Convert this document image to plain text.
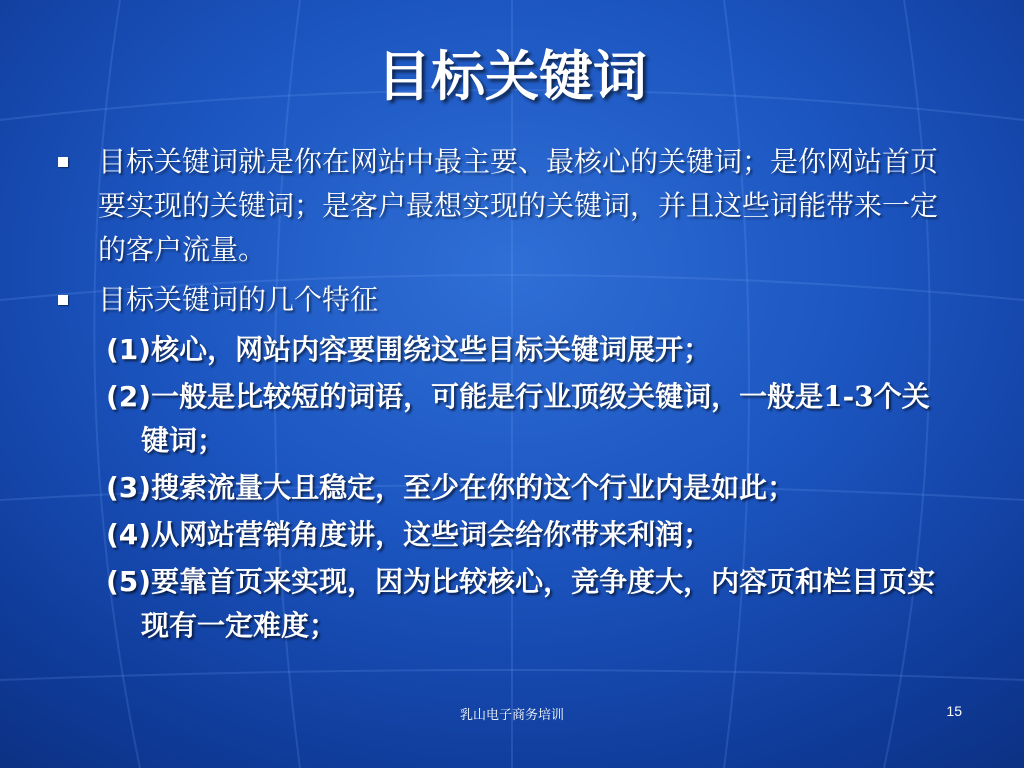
目标关键词
目标关键词就是你在网站中最主要、最核心的关键词；是你网站首页要实现的关键词；是客户最想实现的关键词，并且这些词能带来一定的客户流量。
目标关键词的几个特征
(1)核心，网站内容要围绕这些目标关键词展开；
(2)一般是比较短的词语，可能是行业顶级关键词，一般是1-3个关键词；
(3)搜索流量大且稳定，至少在你的这个行业内是如此；
(4)从网站营销角度讲，这些词会给你带来利润；
(5)要靠首页来实现，因为比较核心，竞争度大，内容页和栏目页实现有一定难度；
乳山电子商务培训	15
